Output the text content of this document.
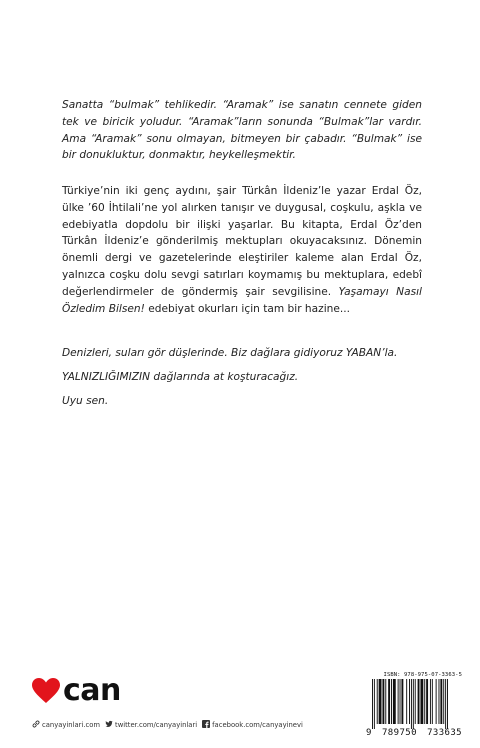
Sanatta “bulmak” tehlikedir. “Aramak” ise sanatın cennete giden tek ve biricik yoludur. “Aramak”ların sonunda “Bulmak”lar vardır. Ama “Aramak” sonu olmayan, bitmeyen bir çabadır. “Bulmak” ise bir donukluktur, donmaktır, heykelleşmektir.

Türkiye’nin iki genç aydını, şair Türkân İldeniz’le yazar Erdal Öz, ülke ’60 İhtilali’ne yol alırken tanışır ve duygusal, coşkulu, aşkla ve edebiyatla dopdolu bir ilişki yaşarlar. Bu kitapta, Erdal Öz’den Türkân İldeniz’e gönderilmiş mektupları okuyacaksınız. Dönemin önemli dergi ve gazetelerinde eleştiriler kaleme alan Erdal Öz, yalnızca coşku dolu sevgi satırları koymamış bu mektuplara, edebî değerlendirmeler de göndermiş şair sevgilisine. Yaşamayı Nasıl Özledim Bilsen! edebiyat okurları için tam bir hazine...

Denizleri, suları gör düşlerinde. Biz dağlara gidiyoruz YABAN’la.

YALNIZLIĞIMIZIN dağlarında at koşturacağız.

Uyu sen.

can
canyayinlari.com twitter.com/canyayinlari facebook.com/canyayinevi
ISBN: 978-975-07-3363-5
9 789750 733635
